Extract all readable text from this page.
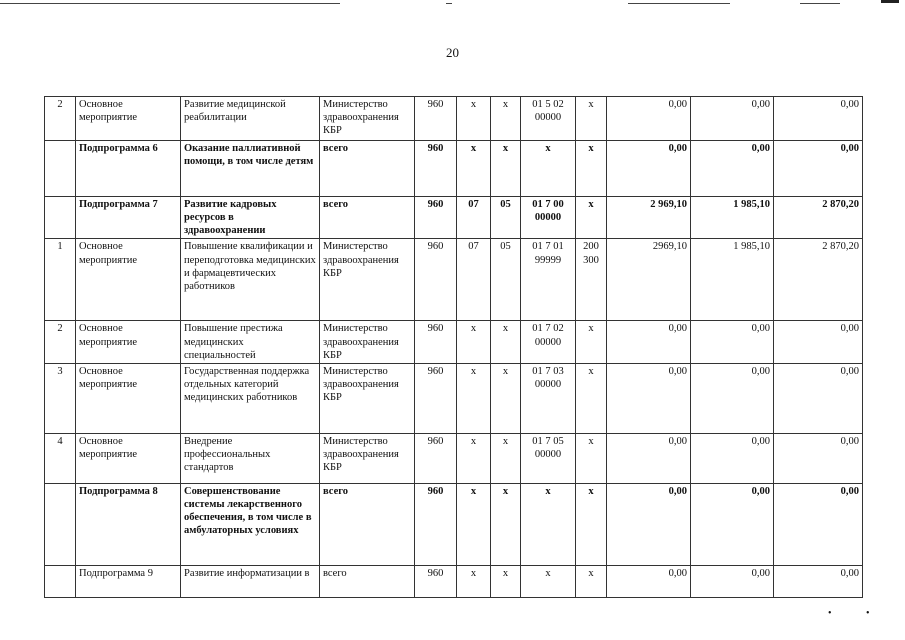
20
2	Основное мероприятие	Развитие медицинской реабилитации	Министерство здравоохранения КБР	960	х	х	01 5 02 00000	х	0,00	0,00	0,00
	Подпрограмма 6	Оказание паллиативной помощи, в том числе детям	всего	960	х	х	х	х	0,00	0,00	0,00
	Подпрограмма 7	Развитие кадровых ресурсов в здравоохранении	всего	960	07	05	01 7 00 00000	х	2 969,10	1 985,10	2 870,20
1	Основное мероприятие	Повышение квалификации и переподготовка медицинских и фармацевтических работников	Министерство здравоохранения КБР	960	07	05	01 7 01 99999	200 300	2969,10	1 985,10	2 870,20
2	Основное мероприятие	Повышение престижа медицинских специальностей	Министерство здравоохранения КБР	960	х	х	01 7 02 00000	х	0,00	0,00	0,00
3	Основное мероприятие	Государственная поддержка отдельных категорий медицинских работников	Министерство здравоохранения КБР	960	х	х	01 7 03 00000	х	0,00	0,00	0,00
4	Основное мероприятие	Внедрение профессиональных стандартов	Министерство здравоохранения КБР	960	х	х	01 7 05 00000	х	0,00	0,00	0,00
	Подпрограмма 8	Совершенствование системы лекарственного обеспечения, в том числе в амбулаторных условиях	всего	960	х	х	х	х	0,00	0,00	0,00
	Подпрограмма 9	Развитие информатизации в	всего	960	х	х	х	х	0,00	0,00	0,00
•	•
